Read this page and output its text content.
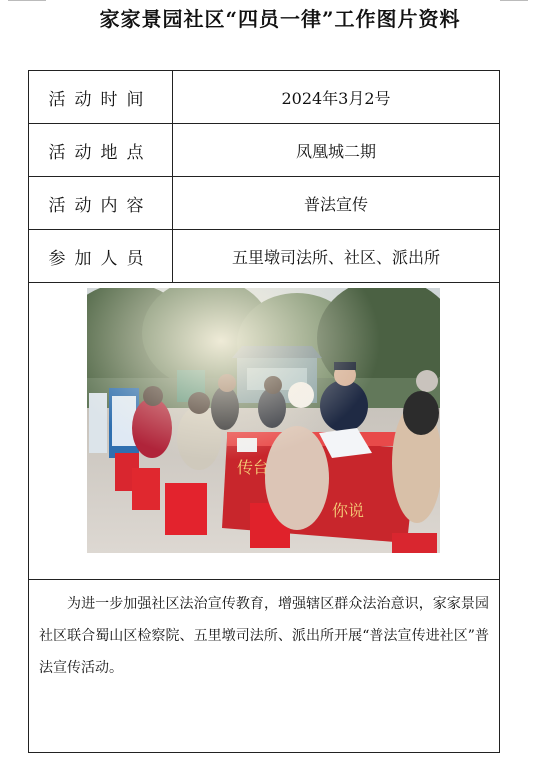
家家景园社区“四员一律”工作图片资料
活动时间	2024年3月2号
活动地点	凤凰城二期
活动内容	普法宣传
参加人员	五里墩司法所、社区、派出所

为进一步加强社区法治宣传教育，增强辖区群众法治意识，家家景园社区联合蜀山区检察院、五里墩司法所、派出所开展“普法宣传进社区”普法宣传活动。	
